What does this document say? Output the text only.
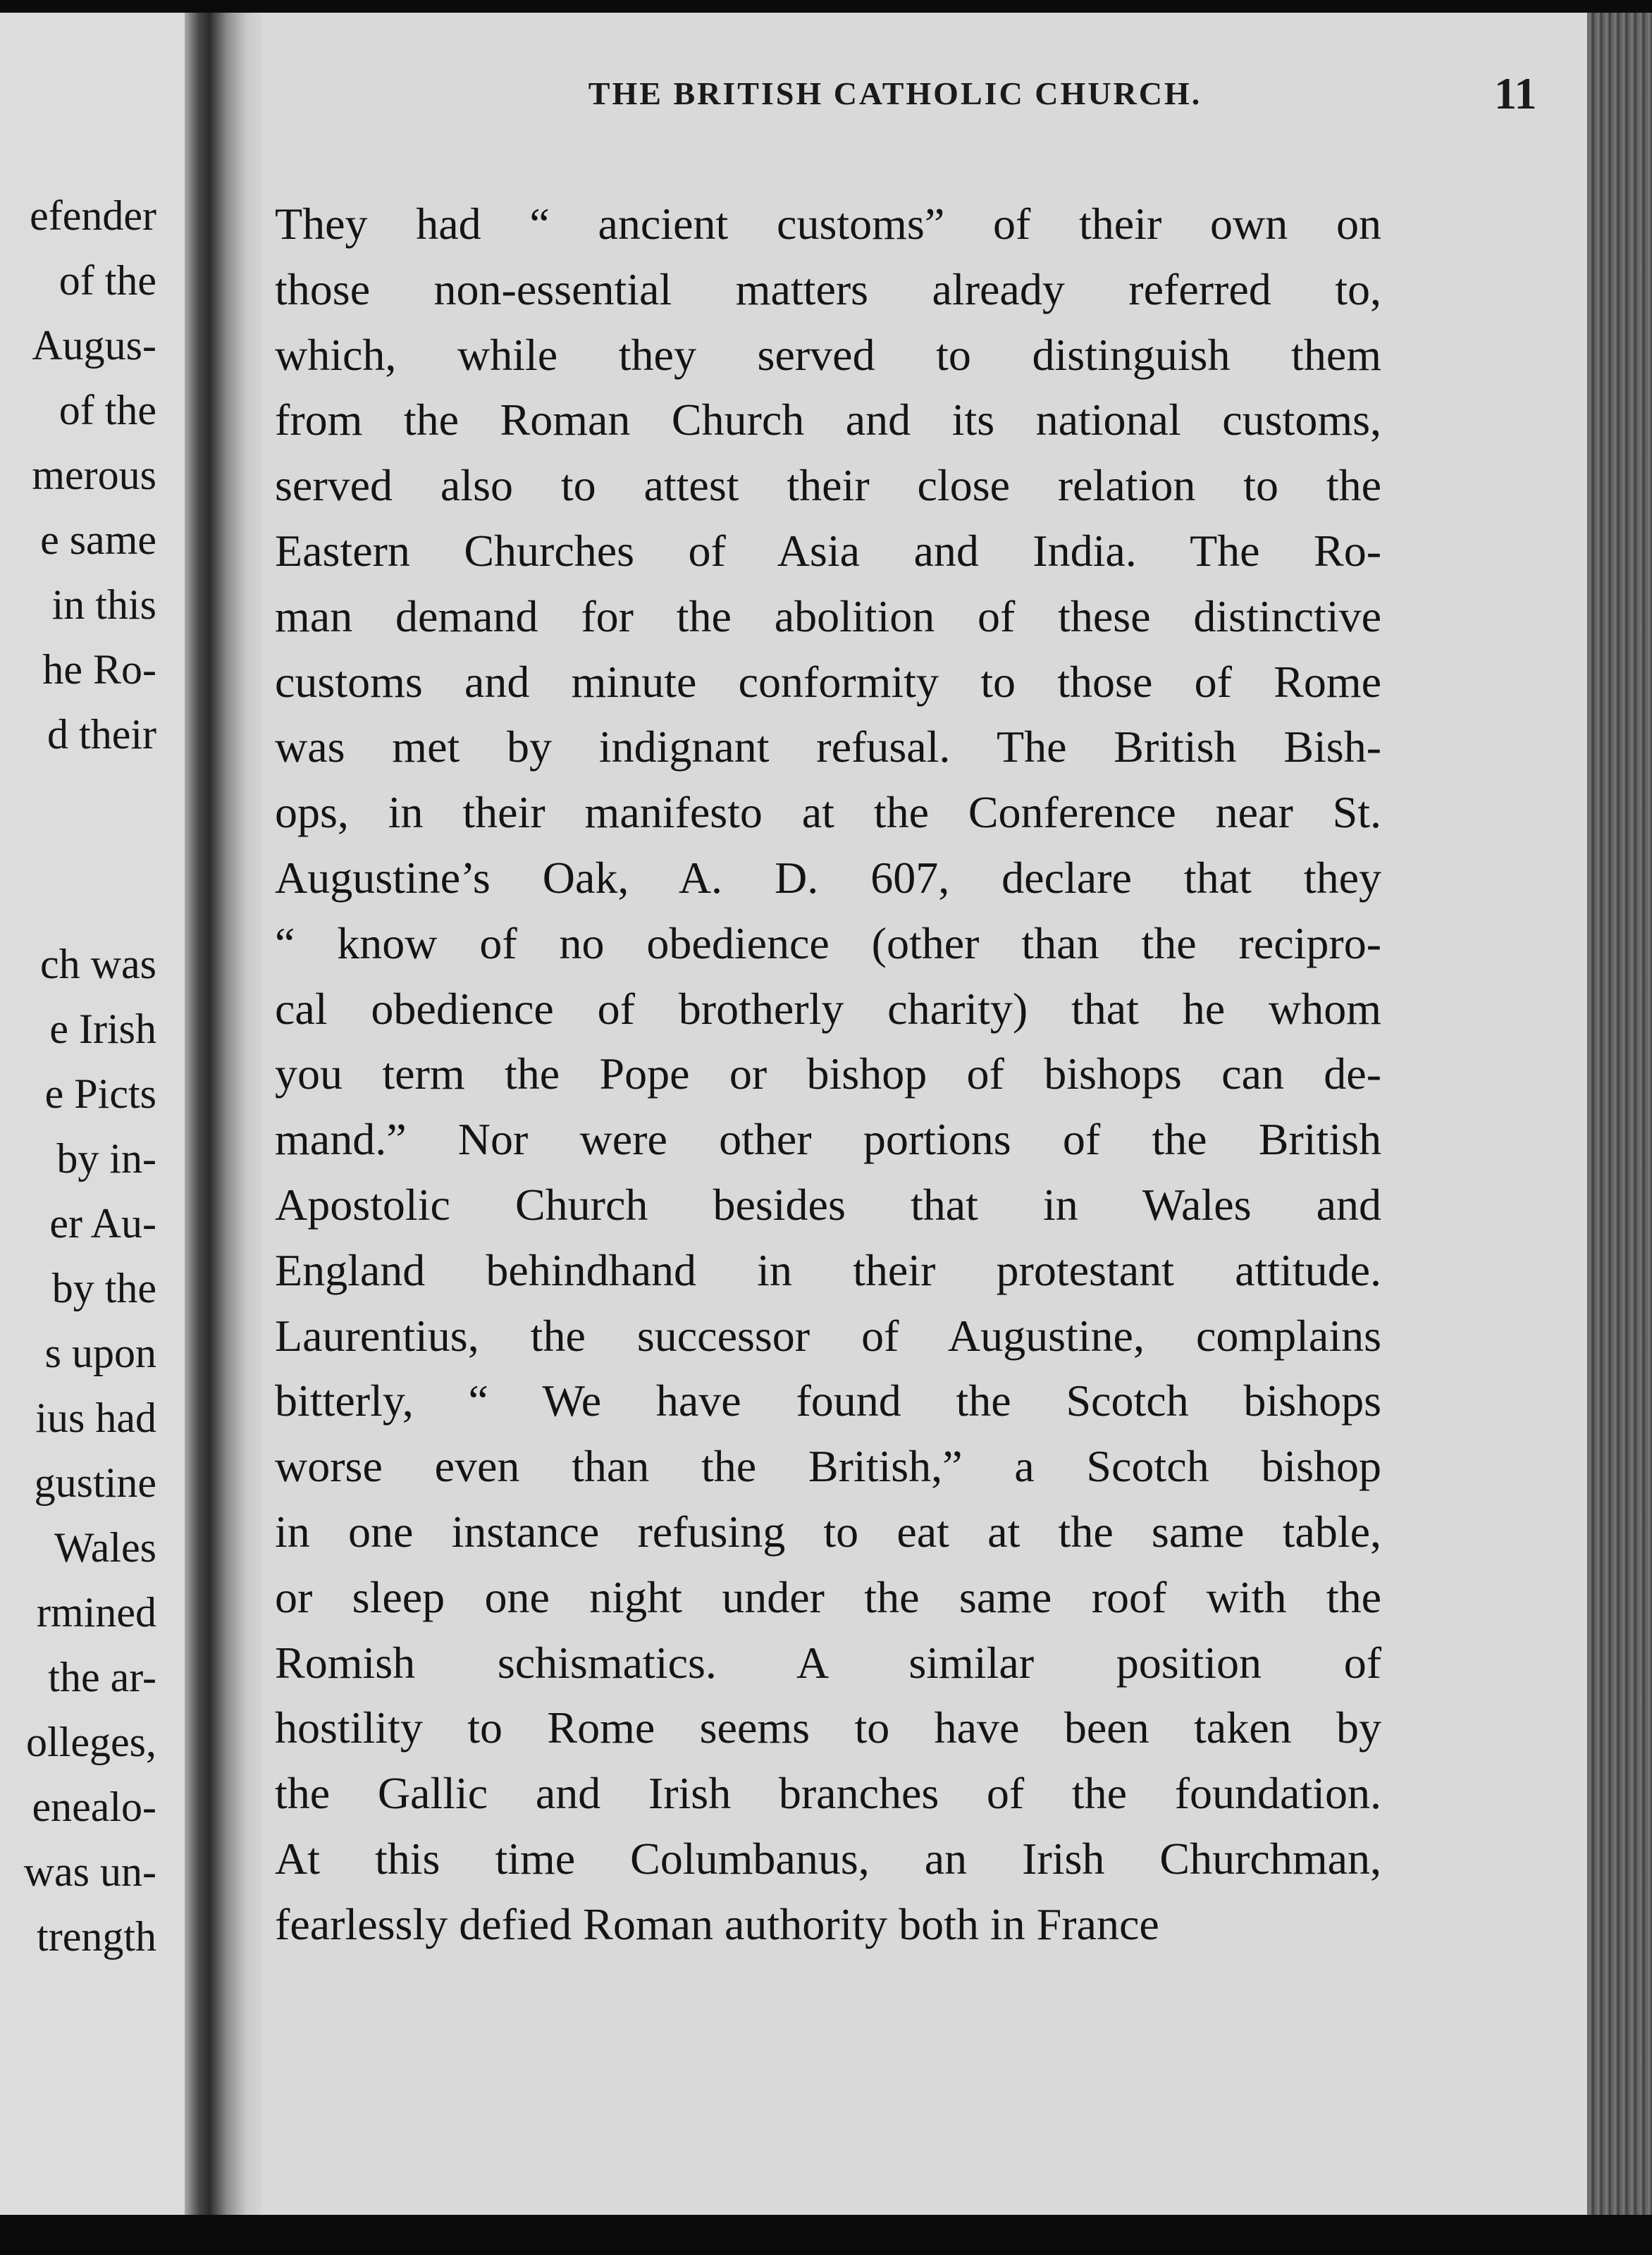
efender
of the
Augus-
of the
merous
e same
in this
he Ro-
d their
ch was
e Irish
e Picts
by in-
er Au-
by the
s upon
ius had
gustine
Wales
rmined
the ar-
olleges,
enealo-
was un-
trength
THE BRITISH CATHOLIC CHURCH.	11
They had “ ancient customs” of their own on
those non-essential matters already referred to,
which, while they served to distinguish them
from the Roman Church and its national customs,
served also to attest their close relation to the
Eastern Churches of Asia and India. The Ro-
man demand for the abolition of these distinctive
customs and minute conformity to those of Rome
was met by indignant refusal. The British Bish-
ops, in their manifesto at the Conference near St.
Augustine’s Oak, A. D. 607, declare that they
“ know of no obedience (other than the recipro-
cal obedience of brotherly charity) that he whom
you term the Pope or bishop of bishops can de-
mand.” Nor were other portions of the British
Apostolic Church besides that in Wales and
England behindhand in their protestant attitude.
Laurentius, the successor of Augustine, complains
bitterly, “ We have found the Scotch bishops
worse even than the British,” a Scotch bishop
in one instance refusing to eat at the same table,
or sleep one night under the same roof with the
Romish schismatics. A similar position of
hostility to Rome seems to have been taken by
the Gallic and Irish branches of the foundation.
At this time Columbanus, an Irish Churchman,
fearlessly defied Roman authority both in France
